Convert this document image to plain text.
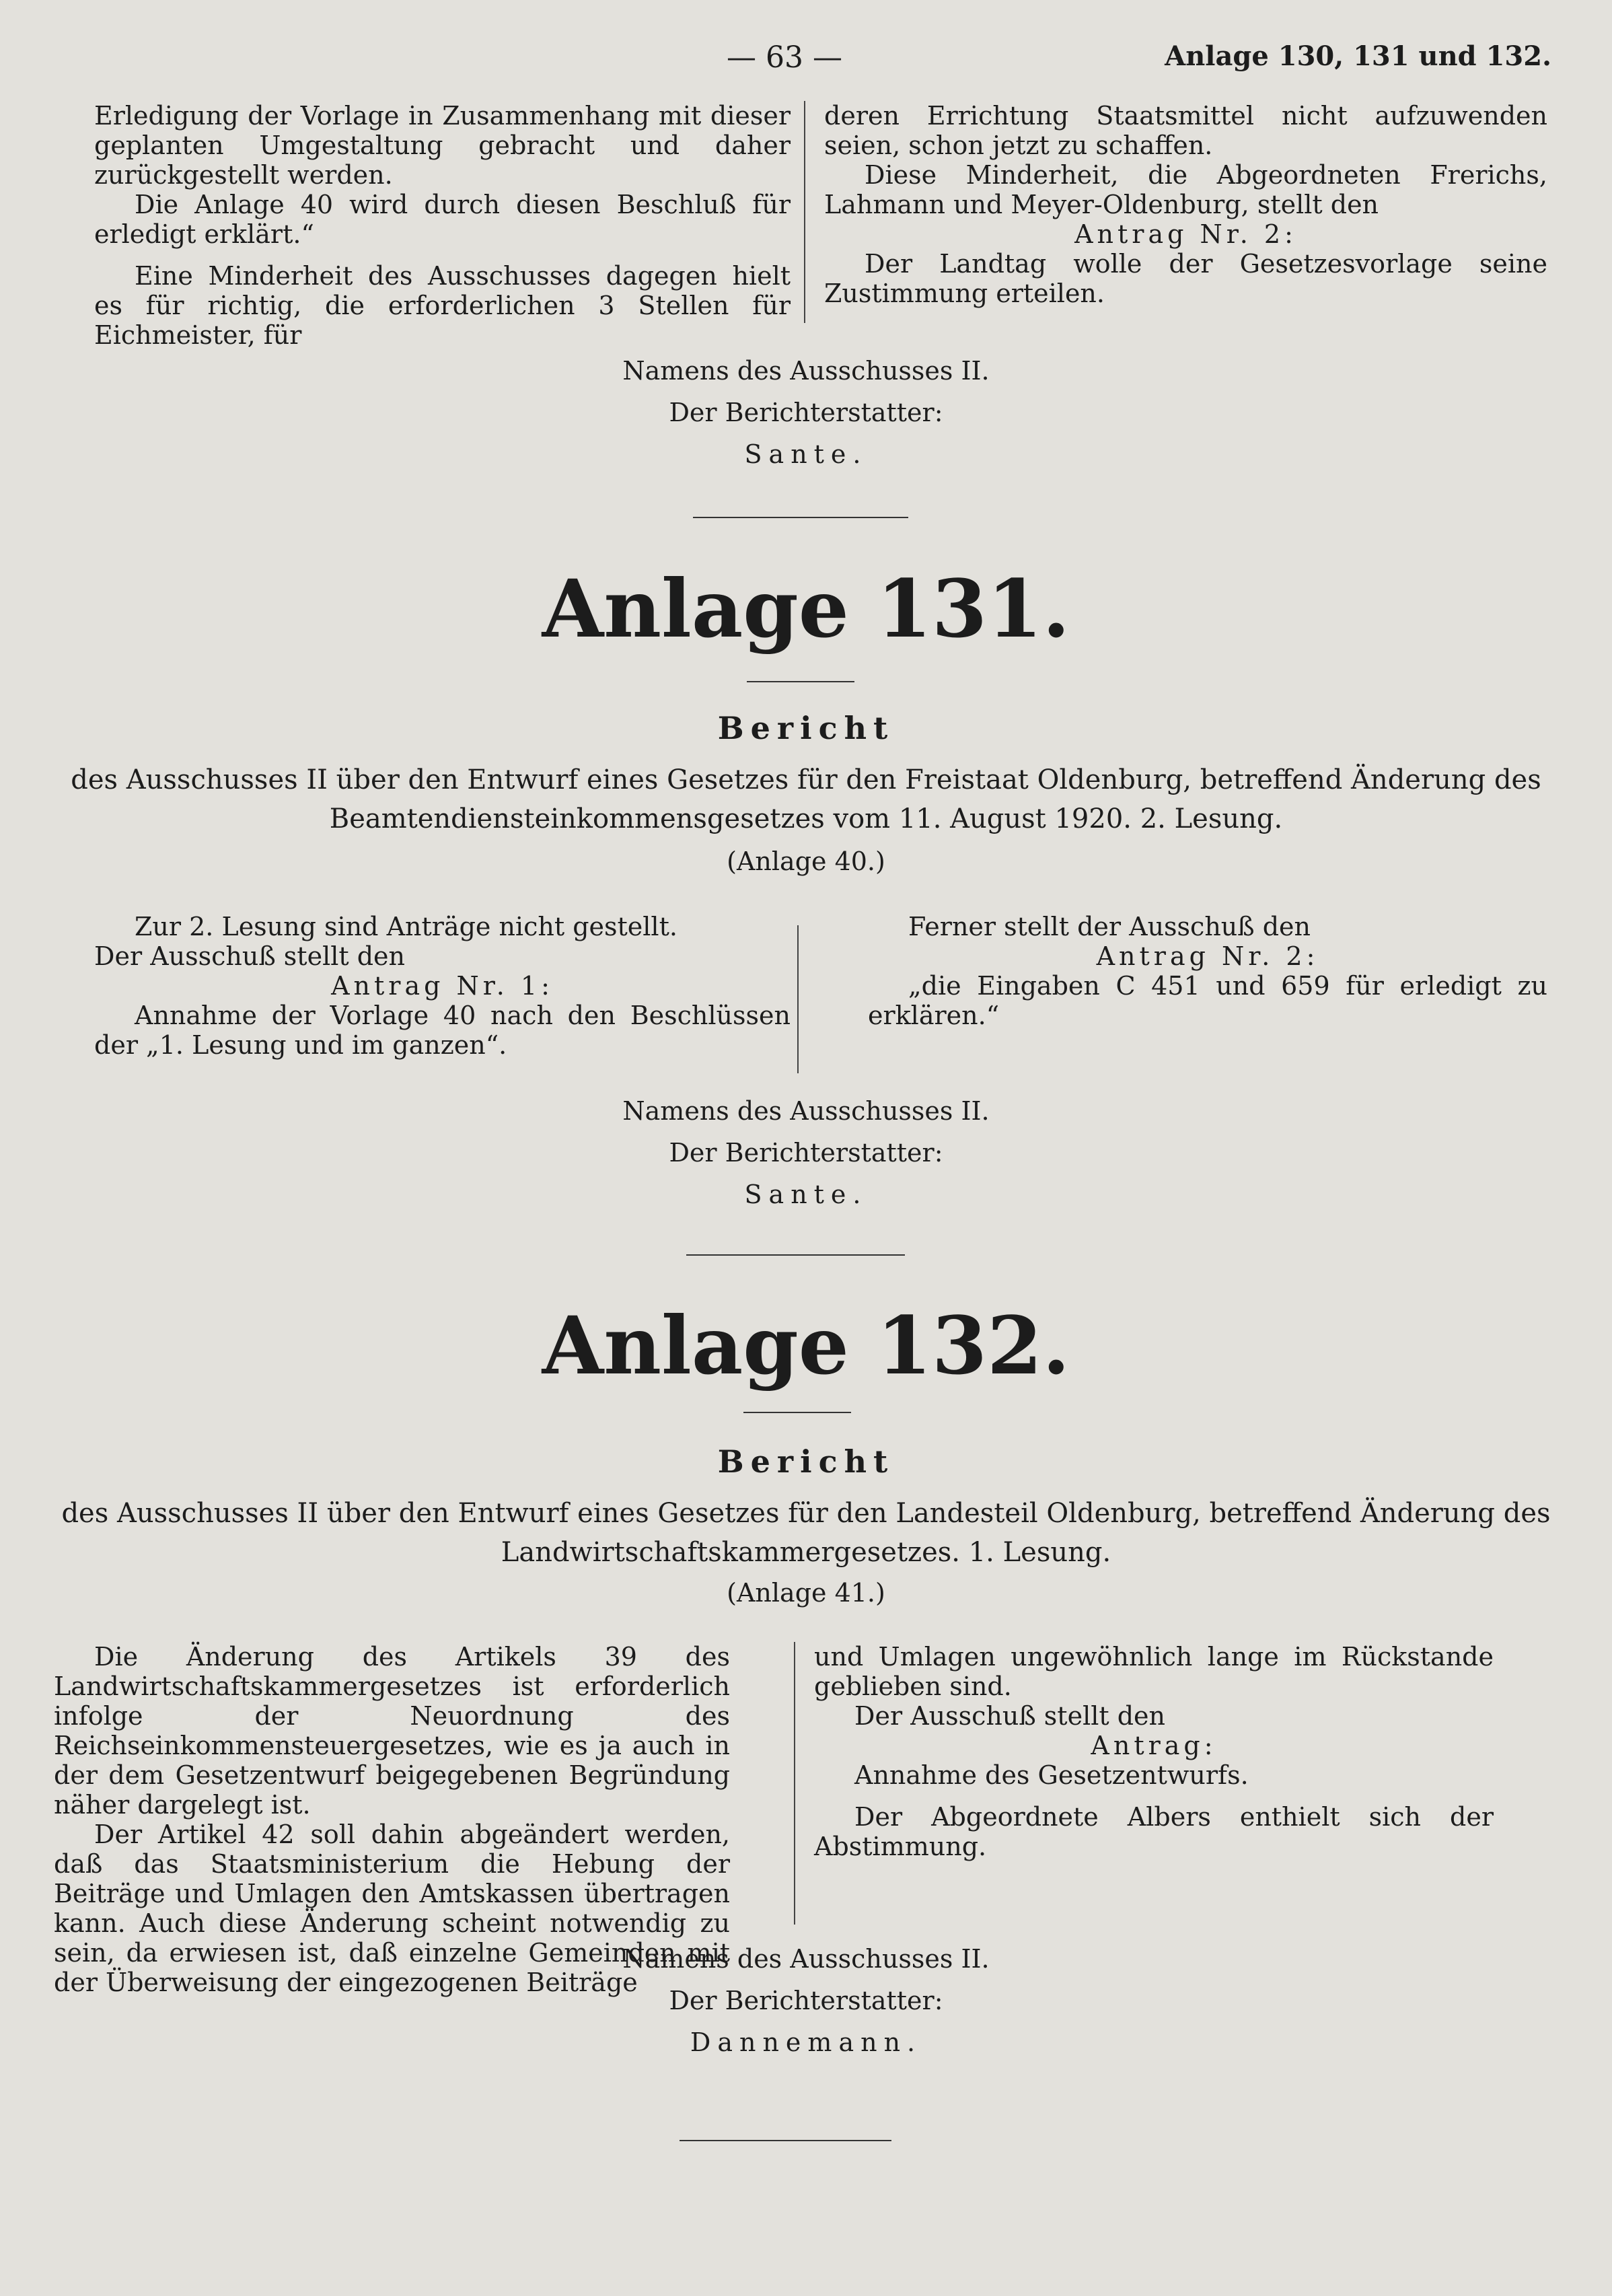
— 63 —	Anlage 130, 131 und 132.

Erledigung der Vorlage in Zusammenhang mit dieser geplanten Umgestaltung gebracht und daher zurückgestellt werden.

Die Anlage 40 wird durch diesen Beschluß für erledigt erklärt.“

Eine Minderheit des Ausschusses dagegen hielt es für richtig, die erforderlichen 3 Stellen für Eichmeister, für

deren Errichtung Staatsmittel nicht aufzuwenden seien, schon jetzt zu schaffen.

Diese Minderheit, die Abgeordneten Frerichs, Lahmann und Meyer-Oldenburg, stellt den

Antrag Nr. 2:

Der Landtag wolle der Gesetzesvorlage seine Zustimmung erteilen.

Namens des Ausschusses II.
Der Berichterstatter:
Sante.
Anlage 131.
Bericht
des Ausschusses II über den Entwurf eines Gesetzes für den Freistaat Oldenburg, betreffend Änderung des Beamtendiensteinkommensgesetzes vom 11. August 1920. 2. Lesung.
(Anlage 40.)

Zur 2. Lesung sind Anträge nicht gestellt.

Der Ausschuß stellt den

Antrag Nr. 1:

Annahme der Vorlage 40 nach den Beschlüssen der „1. Lesung und im ganzen“.

Ferner stellt der Ausschuß den

Antrag Nr. 2:

„die Eingaben C 451 und 659 für erledigt zu erklären.“

Namens des Ausschusses II.
Der Berichterstatter:
Sante.
Anlage 132.
Bericht
des Ausschusses II über den Entwurf eines Gesetzes für den Landesteil Oldenburg, betreffend Änderung des Landwirtschaftskammergesetzes. 1. Lesung.
(Anlage 41.)

Die Änderung des Artikels 39 des Landwirtschaftskammergesetzes ist erforderlich infolge der Neuordnung des Reichseinkommensteuergesetzes, wie es ja auch in der dem Gesetzentwurf beigegebenen Begründung näher dargelegt ist.

Der Artikel 42 soll dahin abgeändert werden, daß das Staatsministerium die Hebung der Beiträge und Umlagen den Amtskassen übertragen kann. Auch diese Änderung scheint notwendig zu sein, da erwiesen ist, daß einzelne Gemeinden mit der Überweisung der eingezogenen Beiträge

und Umlagen ungewöhnlich lange im Rückstande geblieben sind.

Der Ausschuß stellt den

Antrag:

Annahme des Gesetzentwurfs.

Der Abgeordnete Albers enthielt sich der Abstimmung.

Namens des Ausschusses II.
Der Berichterstatter:
Dannemann.
